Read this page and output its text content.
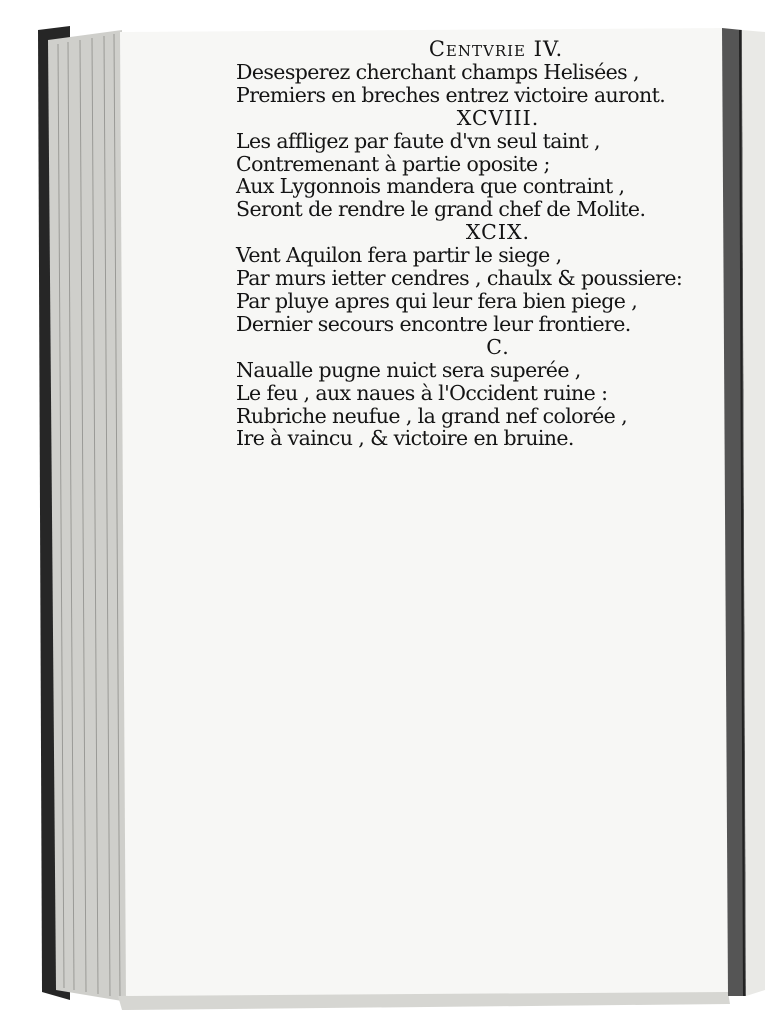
Centvrie IV.
Desesperez cherchant champs Helisées ,
Premiers en breches entrez victoire auront.
XCVIII.
Les affligez par faute d'vn seul taint ,
Contremenant à partie oposite ;
Aux Lygonnois mandera que contraint ,
Seront de rendre le grand chef de Molite.
XCIX.
Vent Aquilon fera partir le siege ,
Par murs ietter cendres , chaulx & poussiere:
Par pluye apres qui leur fera bien piege ,
Dernier secours encontre leur frontiere.
C.
Naualle pugne nuict sera superée ,
Le feu , aux naues à l'Occident ruine :
Rubriche neufue , la grand nef colorée ,
Ire à vaincu , & victoire en bruine.
